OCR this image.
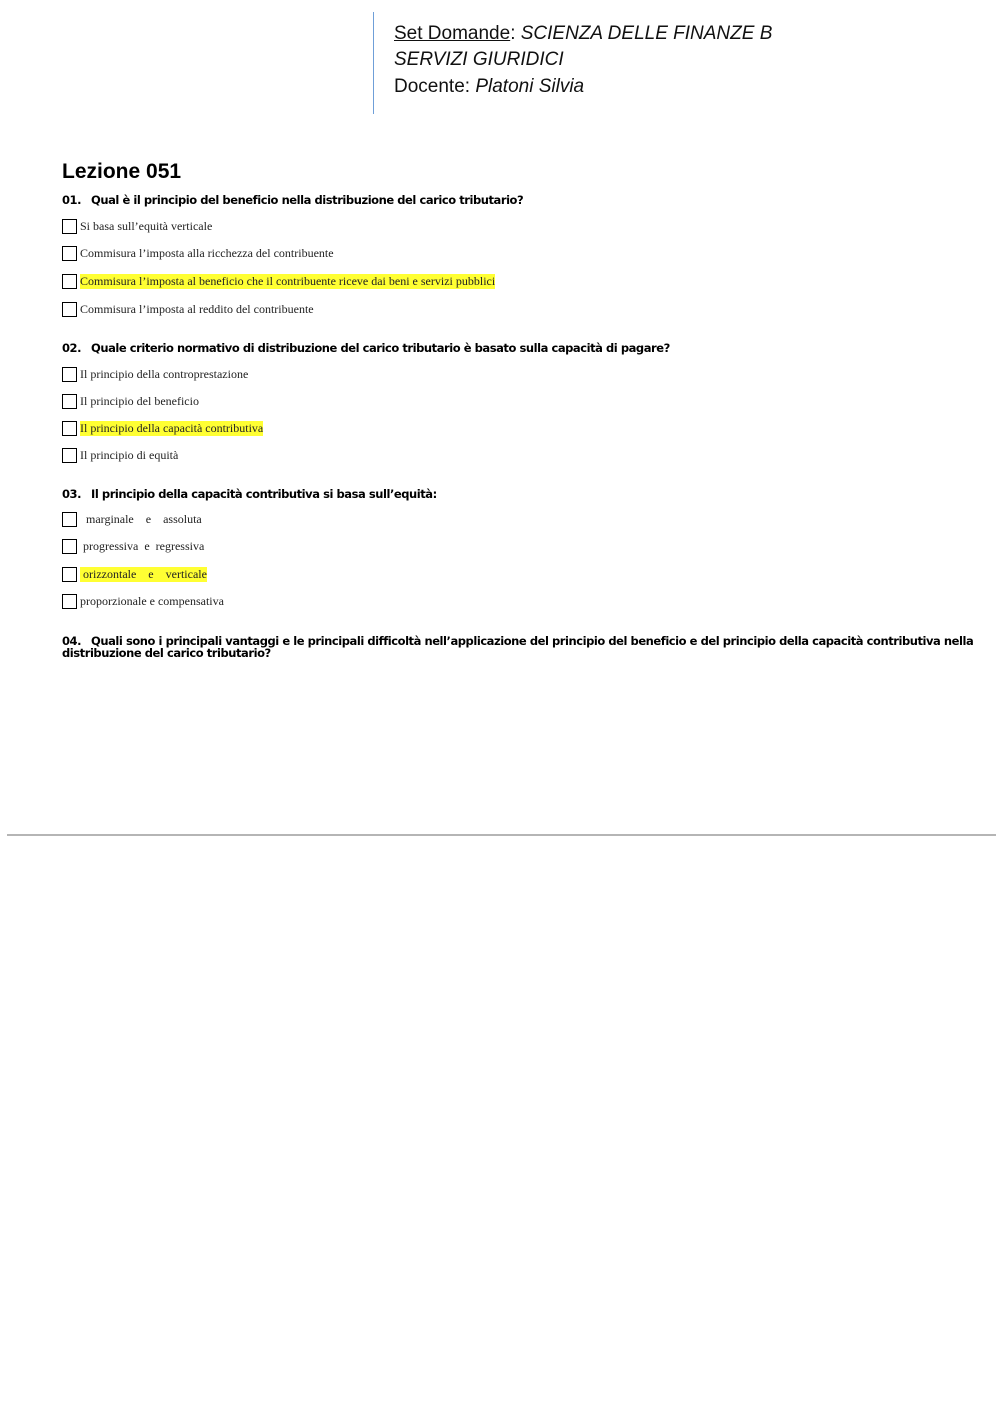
Set Domande: SCIENZA DELLE FINANZE B
SERVIZI GIURIDICI
Docente: Platoni Silvia
Lezione 051
01. Qual è il principio del beneficio nella distribuzione del carico tributario?
Si basa sull’equità verticale
Commisura l’imposta alla ricchezza del contribuente
Commisura l’imposta al beneficio che il contribuente riceve dai beni e servizi pubblici
Commisura l’imposta al reddito del contribuente
02. Quale criterio normativo di distribuzione del carico tributario è basato sulla capacità di pagare?
Il principio della controprestazione
Il principio del beneficio
Il principio della capacità contributiva
Il principio di equità
03. Il principio della capacità contributiva si basa sull’equità:
marginale    e    assoluta
progressiva  e  regressiva
orizzontale    e    verticale
proporzionale e compensativa
04. Quali sono i principali vantaggi e le principali difficoltà nell’applicazione del principio del beneficio e del principio della capacità contributiva nella
distribuzione del carico tributario?
